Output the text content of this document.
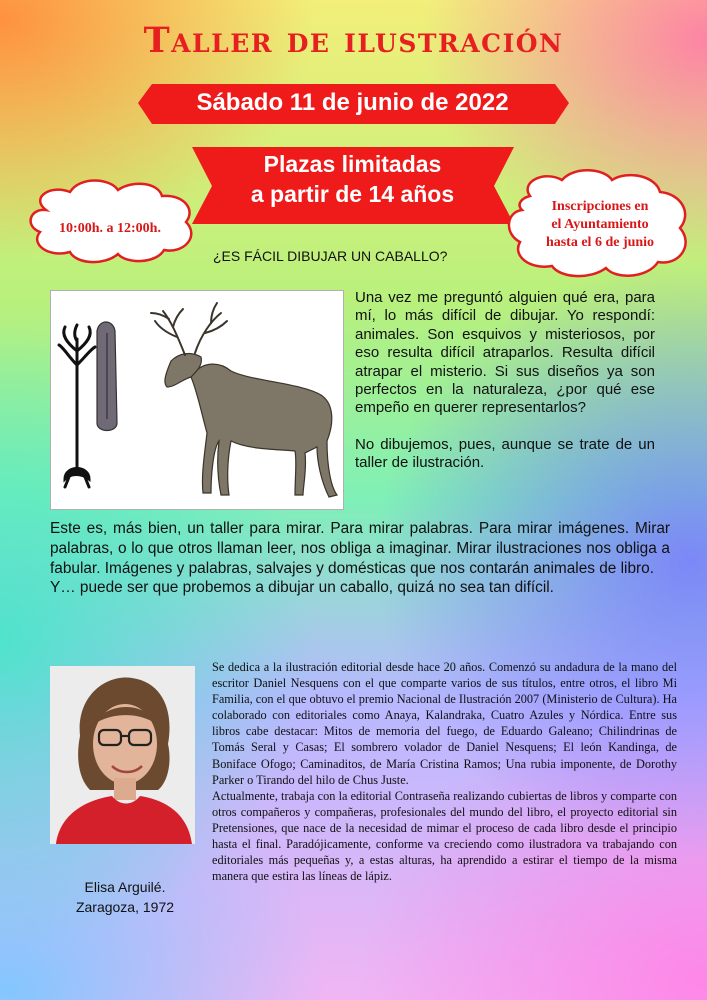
Taller de ilustración
Sábado 11 de junio de 2022
Plazas limitadas
a partir de 14 años
10:00h. a 12:00h.
Inscripciones en
el Ayuntamiento
hasta el 6 de junio
¿ES FÁCIL DIBUJAR UN CABALLO?

Una vez me preguntó alguien qué era, para mí, lo más difícil de dibujar. Yo respondí: animales. Son esquivos y misteriosos, por eso resulta difícil atraparlos. Resulta difícil atrapar el misterio. Si sus diseños ya son perfectos en la naturaleza, ¿por qué ese empeño en querer representarlos?

No dibujemos, pues, aunque se trate de un taller de ilustración.

Este es, más bien, un taller para mirar. Para mirar palabras. Para mirar imágenes. Mirar palabras, o lo que otros llaman leer, nos obliga a imaginar. Mirar ilustraciones nos obliga a fabular. Imágenes y palabras, salvajes y domésticas que nos contarán animales de libro.

Y… puede ser que probemos a dibujar un caballo, quizá no sea tan difícil.

Elisa Arguilé.
Zaragoza, 1972

Se dedica a la ilustración editorial desde hace 20 años. Comenzó su andadura de la mano del escritor Daniel Nesquens con el que comparte varios de sus títulos, entre otros, el libro Mi Familia, con el que obtuvo el premio Nacional de Ilustración 2007 (Ministerio de Cultura). Ha colaborado con editoriales como Anaya, Kalandraka, Cuatro Azules y Nórdica. Entre sus libros cabe destacar: Mitos de memoria del fuego, de Eduardo Galeano; Chilindrinas de Tomás Seral y Casas; El sombrero volador de Daniel Nesquens; El león Kandinga, de Boniface Ofogo; Caminaditos, de María Cristina Ramos; Una rubia imponente, de Dorothy Parker o Tirando del hilo de Chus Juste.

Actualmente, trabaja con la editorial Contraseña realizando cubiertas de libros y comparte con otros compañeros y compañeras, profesionales del mundo del libro, el proyecto editorial sin Pretensiones, que nace de la necesidad de mimar el proceso de cada libro desde el principio hasta el final. Paradójicamente, conforme va creciendo como ilustradora va trabajando con editoriales más pequeñas y, a estas alturas, ha aprendido a estirar el tiempo de la misma manera que estira las líneas de lápiz.
